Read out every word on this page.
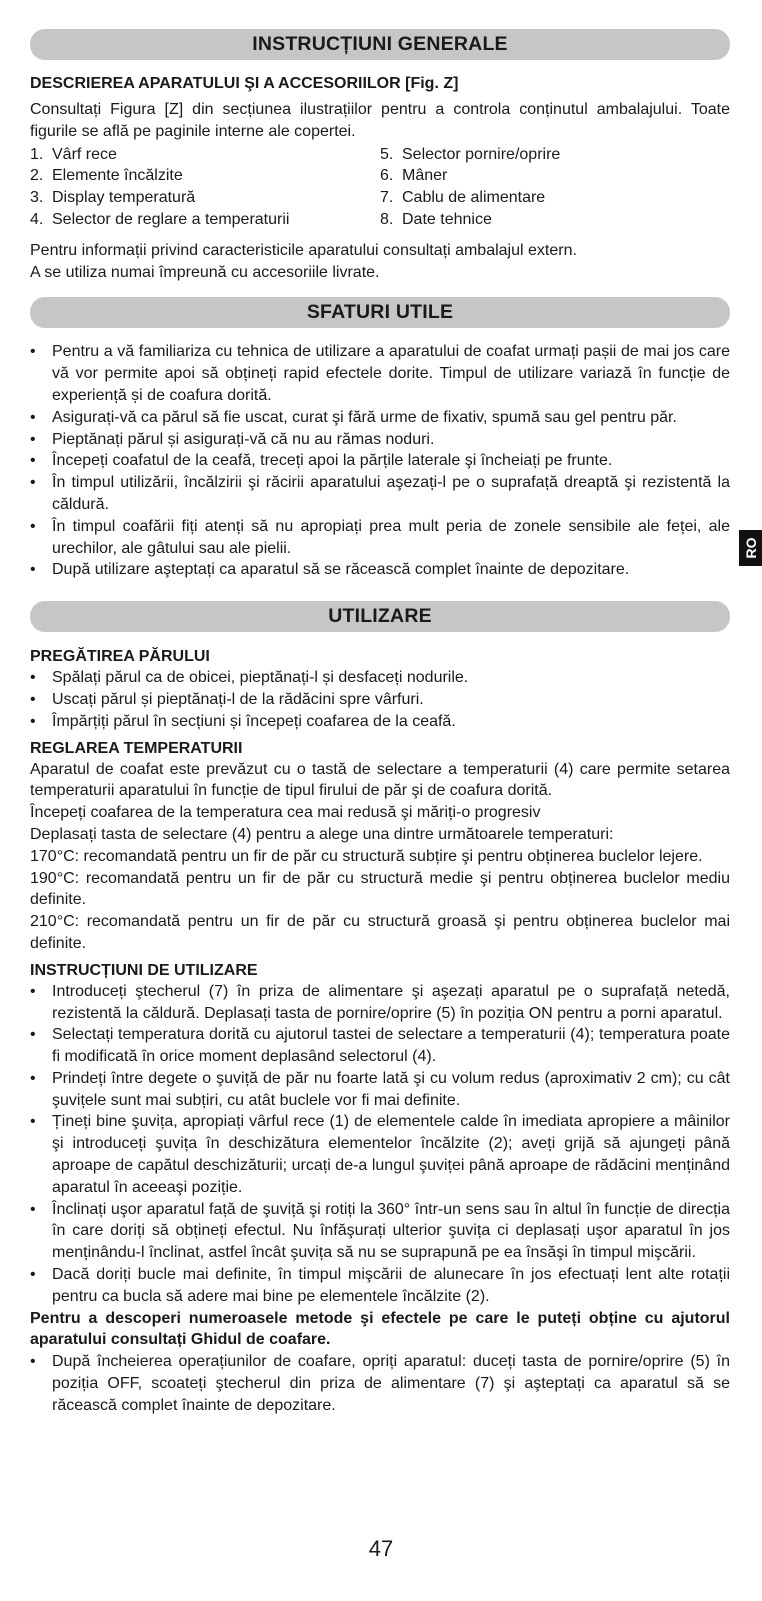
INSTRUCȚIUNI GENERALE
DESCRIEREA APARATULUI ŞI A ACCESORIILOR [Fig. Z]
Consultați Figura [Z] din secțiunea ilustrațiilor pentru a controla conținutul ambalajului. Toate figurile se află pe paginile interne ale copertei.
1. Vârf rece
2. Elemente încălzite
3. Display temperatură
4. Selector de reglare a temperaturii
5. Selector pornire/oprire
6. Mâner
7. Cablu de alimentare
8. Date tehnice
Pentru informații privind caracteristicile aparatului consultați ambalajul extern.
A se utiliza numai împreună cu accesoriile livrate.
SFATURI UTILE
• Pentru a vă familiariza cu tehnica de utilizare a aparatului de coafat urmați pașii de mai jos care vă vor permite apoi să obțineți rapid efectele dorite. Timpul de utilizare variază în funcție de experiență și de coafura dorită.
• Asigurați-vă ca părul să fie uscat, curat şi fără urme de fixativ, spumă sau gel pentru păr.
• Pieptănați părul și asigurați-vă că nu au rămas noduri.
• Începeți coafatul de la ceafă, treceți apoi la părțile laterale şi încheiați pe frunte.
• În timpul utilizării, încălzirii şi răcirii aparatului aşezați-l pe o suprafață dreaptă şi rezistentă la căldură.
• În timpul coafării fiți atenți să nu apropiați prea mult peria de zonele sensibile ale feței, ale urechilor, ale gâtului sau ale pielii.
• După utilizare aşteptați ca aparatul să se răcească complet înainte de depozitare.
UTILIZARE
PREGĂTIREA PĂRULUI
• Spălați părul ca de obicei, pieptănați-l și desfaceți nodurile.
• Uscați părul și pieptănați-l de la rădăcini spre vârfuri.
• Împărțiți părul în secțiuni și începeți coafarea de la ceafă.
REGLAREA TEMPERATURII
Aparatul de coafat este prevăzut cu o tastă de selectare a temperaturii (4) care permite setarea temperaturii aparatului în funcție de tipul firului de păr şi de coafura dorită.
Începeți coafarea de la temperatura cea mai redusă şi măriți-o progresiv
Deplasați tasta de selectare (4) pentru a alege una dintre următoarele temperaturi:
170°C: recomandată pentru un fir de păr cu structură subțire şi pentru obținerea buclelor lejere.
190°C: recomandată pentru un fir de păr cu structură medie şi pentru obținerea buclelor mediu definite.
210°C: recomandată pentru un fir de păr cu structură groasă şi pentru obținerea buclelor mai definite.
INSTRUCȚIUNI DE UTILIZARE
• Introduceți ştecherul (7) în priza de alimentare şi aşezați aparatul pe o suprafață netedă, rezistentă la căldură. Deplasați tasta de pornire/oprire (5) în poziția ON pentru a porni aparatul.
• Selectați temperatura dorită cu ajutorul tastei de selectare a temperaturii (4); temperatura poate fi modificată în orice moment deplasând selectorul (4).
• Prindeți între degete o şuviță de păr nu foarte lată şi cu volum redus (aproximativ 2 cm); cu cât şuvițele sunt mai subțiri, cu atât buclele vor fi mai definite.
• Țineți bine şuvița, apropiați vârful rece (1) de elementele calde în imediata apropiere a mâinilor şi introduceți şuvița în deschizătura elementelor încălzite (2); aveți grijă să ajungeți până aproape de capătul deschizăturii; urcați de-a lungul şuviței până aproape de rădăcini menținând aparatul în aceeaşi poziție.
• Înclinați uşor aparatul față de şuviță şi rotiți la 360° într-un sens sau în altul în funcție de direcția în care doriți să obțineți efectul. Nu înfăşurați ulterior şuvița ci deplasați uşor aparatul în jos menținându-l înclinat, astfel încât şuvița să nu se suprapună pe ea însăşi în timpul mişcării.
• Dacă doriți bucle mai definite, în timpul mişcării de alunecare în jos efectuați lent alte rotații pentru ca bucla să adere mai bine pe elementele încălzite (2).
Pentru a descoperi numeroasele metode şi efectele pe care le puteți obține cu ajutorul aparatului consultați Ghidul de coafare.
• După încheierea operațiunilor de coafare, opriți aparatul: duceți tasta de pornire/oprire (5) în poziția OFF, scoateți ştecherul din priza de alimentare (7) şi aşteptați ca aparatul să se răcească complet înainte de depozitare.
RO
47
